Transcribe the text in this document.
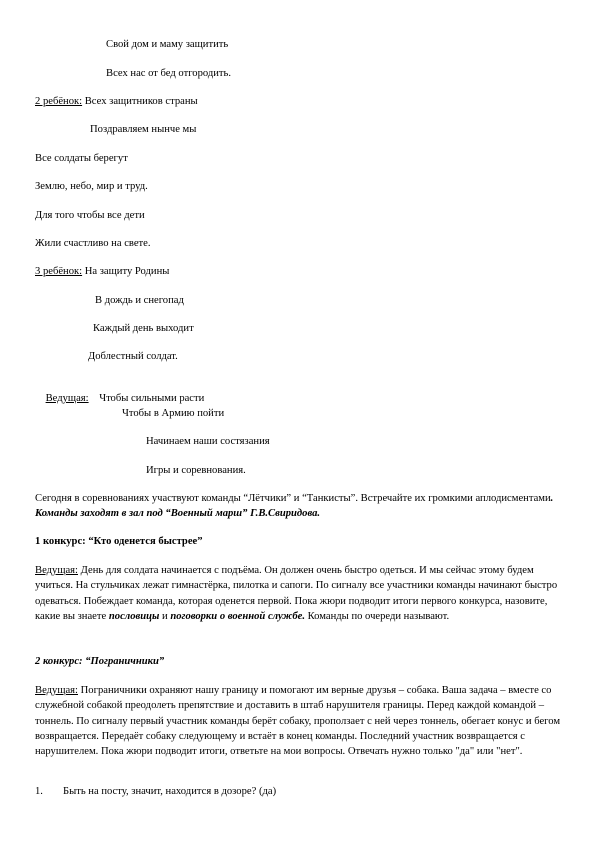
Свой дом и маму защитить
Всех нас от бед отгородить.
2 ребёнок: Всех защитников страны
Поздравляем нынче мы
Все солдаты берегут
Землю, небо, мир и труд.
Для того чтобы все дети
Жили счастливо на свете.
3 ребёнок: На защиту Родины
В дождь и снегопад
Каждый день выходит
Доблестный солдат.

Ведущая:    Чтобы сильными расти

Чтобы в Армию пойти
Начинаем наши состязания
Игры и соревнования.
Сегодня в соревнованиях участвуют команды “Лётчики” и “Танкисты”. Встречайте их громкими аплодисментами. Команды заходят в зал под “Военный марш” Г.В.Свиридова.
1 конкурс: “Кто оденется быстрее”
Ведущая: День для солдата начинается с подъёма. Он должен очень быстро одеться. И мы сейчас этому будем учиться. На стульчиках лежат гимнастёрка, пилотка и сапоги. По сигналу все участники команды начинают быстро одеваться. Побеждает команда, которая оденется первой. Пока жюри подводит итоги первого конкурса, назовите, какие вы знаете пословицы и поговорки о военной службе. Команды по очереди называют.
2 конкурс: “Пограничники”
Ведущая: Пограничники охраняют нашу границу и помогают им верные друзья – собака. Ваша задача – вместе со служебной собакой преодолеть препятствие и доставить в штаб нарушителя границы. Перед каждой командой – тоннель. По сигналу первый участник команды берёт собаку, проползает с ней через тоннель, обегает конус и бегом возвращается. Передаёт собаку следующему и встаёт в конец команды. Последний участник возвращается с нарушителем. Пока жюри подводит итоги, ответьте на мои вопросы. Отвечать нужно только "да" или "нет".
1. Быть на посту, значит, находится в дозоре? (да)
